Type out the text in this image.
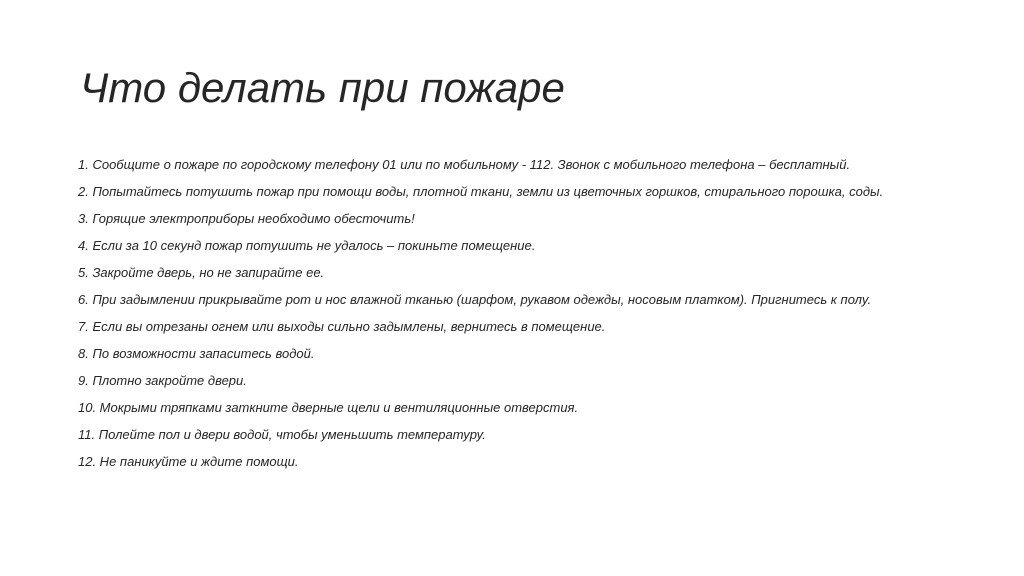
Что делать при пожаре
1. Сообщите о пожаре по городскому телефону 01 или по мобильному - 112. Звонок с мобильного телефона – бесплатный.
2. Попытайтесь потушить пожар при помощи воды, плотной ткани, земли из цветочных горшков, стирального порошка, соды.
3. Горящие электроприборы необходимо обесточить!
4. Если за 10 секунд пожар потушить не удалось – покиньте помещение.
5. Закройте дверь, но не запирайте ее.
6. При задымлении прикрывайте рот и нос влажной тканью (шарфом, рукавом одежды, носовым платком). Пригнитесь к полу.
7. Если вы отрезаны огнем или выходы сильно задымлены, вернитесь в помещение.
8. По возможности запаситесь водой.
9. Плотно закройте двери.
10. Мокрыми тряпками заткните дверные щели и вентиляционные отверстия.
11. Полейте пол и двери водой, чтобы уменьшить температуру.
12. Не паникуйте и ждите помощи.
